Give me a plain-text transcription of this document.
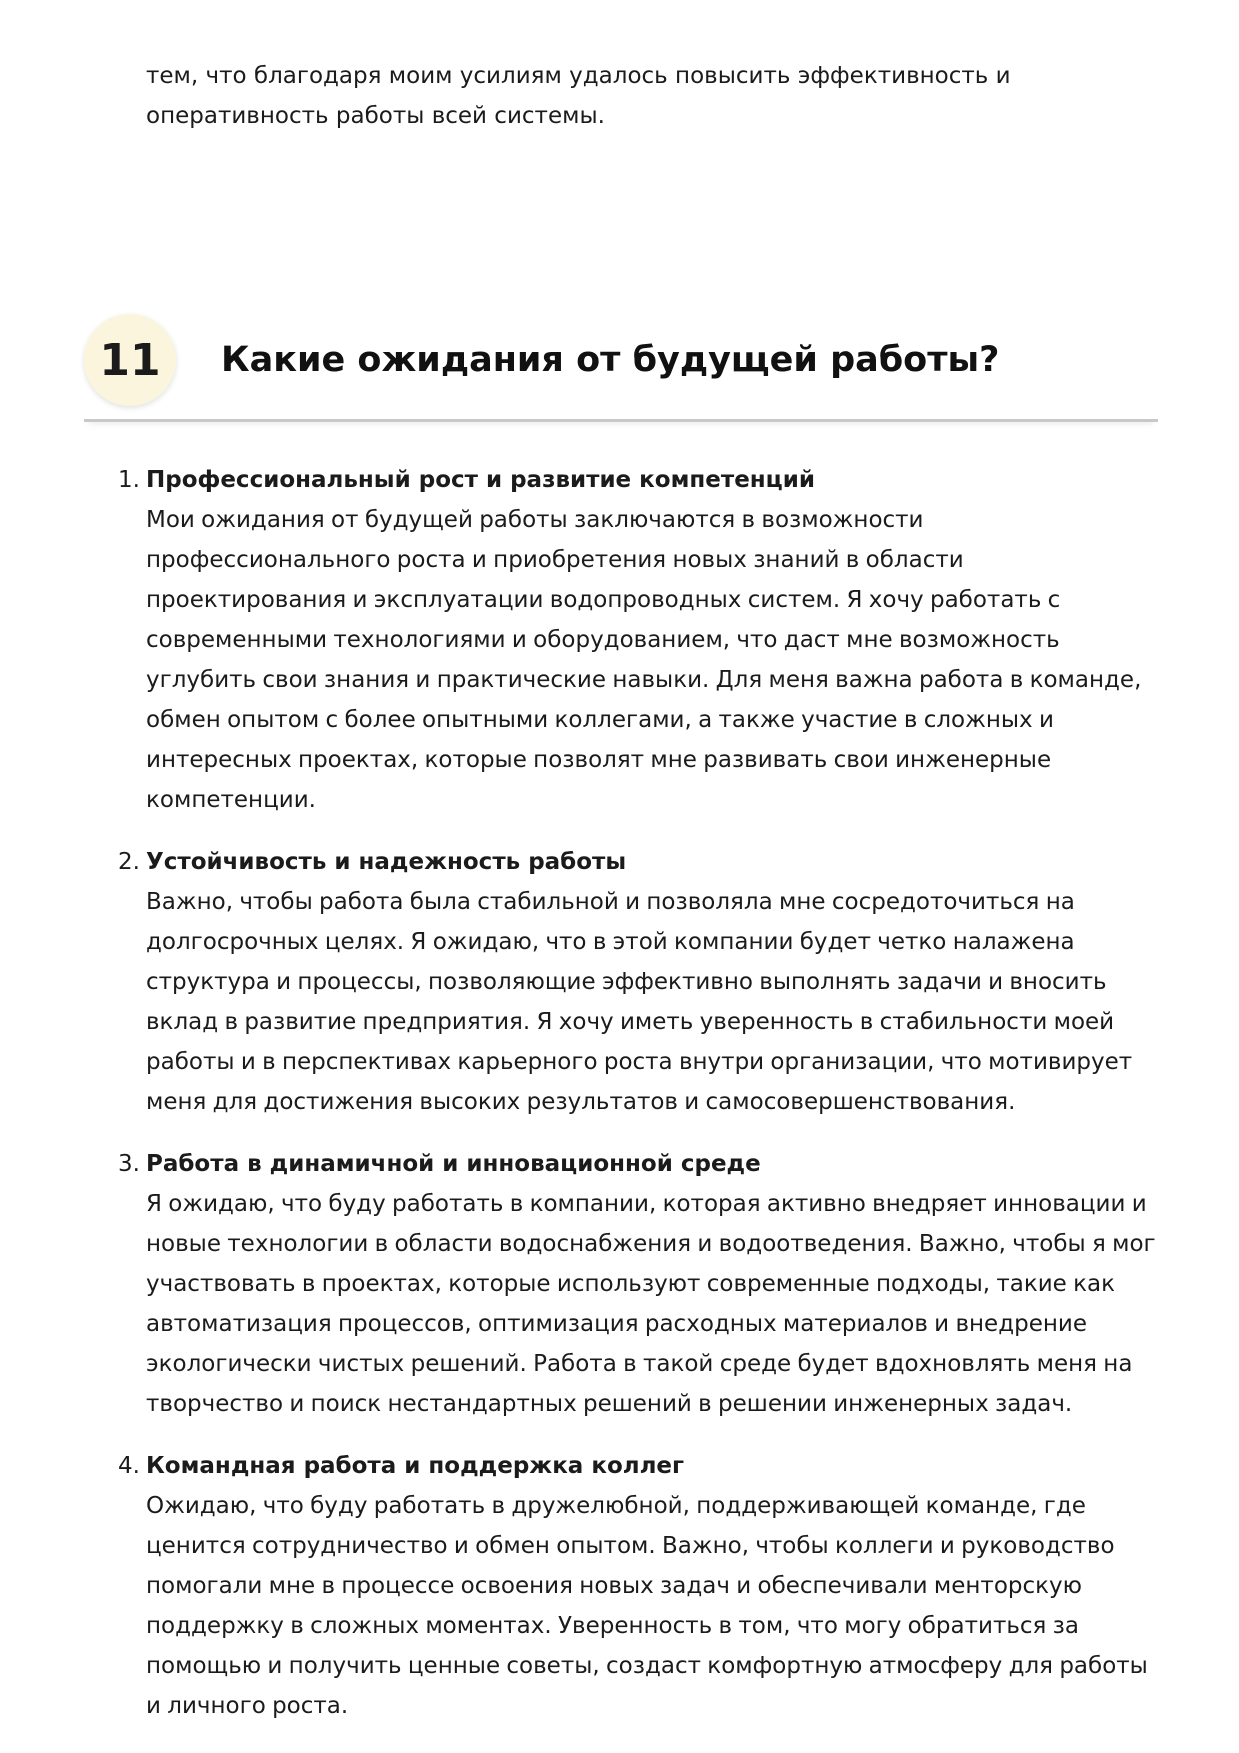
тем, что благодаря моим усилиям удалось повысить эффективность и оперативность работы всей системы.

11	Какие ожидания от будущей работы?
1. Профессиональный рост и развитие компетенций

Мои ожидания от будущей работы заключаются в возможности профессионального роста и приобретения новых знаний в области проектирования и эксплуатации водопроводных систем. Я хочу работать с современными технологиями и оборудованием, что даст мне возможность углубить свои знания и практические навыки. Для меня важна работа в команде, обмен опытом с более опытными коллегами, а также участие в сложных и интересных проектах, которые позволят мне развивать свои инженерные компетенции.

2. Устойчивость и надежность работы

Важно, чтобы работа была стабильной и позволяла мне сосредоточиться на долгосрочных целях. Я ожидаю, что в этой компании будет четко налажена структура и процессы, позволяющие эффективно выполнять задачи и вносить вклад в развитие предприятия. Я хочу иметь уверенность в стабильности моей работы и в перспективах карьерного роста внутри организации, что мотивирует меня для достижения высоких результатов и самосовершенствования.

3. Работа в динамичной и инновационной среде

Я ожидаю, что буду работать в компании, которая активно внедряет инновации и новые технологии в области водоснабжения и водоотведения. Важно, чтобы я мог участвовать в проектах, которые используют современные подходы, такие как автоматизация процессов, оптимизация расходных материалов и внедрение экологически чистых решений. Работа в такой среде будет вдохновлять меня на творчество и поиск нестандартных решений в решении инженерных задач.

4. Командная работа и поддержка коллег

Ожидаю, что буду работать в дружелюбной, поддерживающей команде, где ценится сотрудничество и обмен опытом. Важно, чтобы коллеги и руководство помогали мне в процессе освоения новых задач и обеспечивали менторскую поддержку в сложных моментах. Уверенность в том, что могу обратиться за помощью и получить ценные советы, создаст комфортную атмосферу для работы и личного роста.
